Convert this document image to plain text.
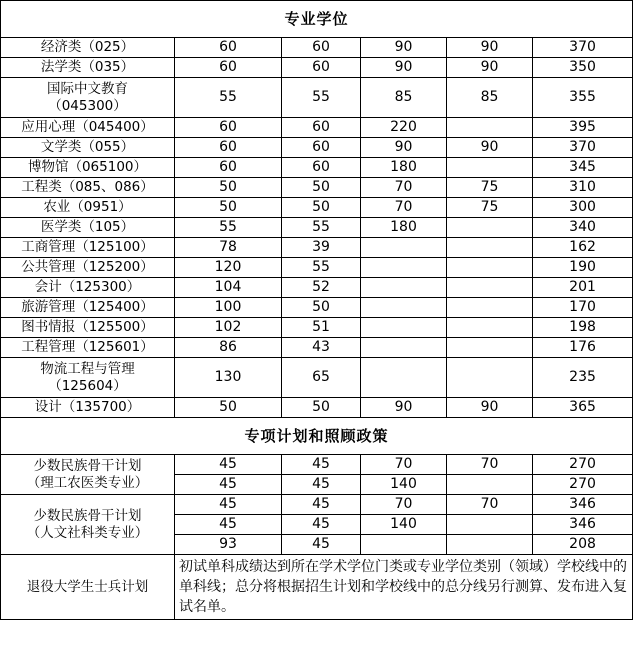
专业学位					
经济类（025）	60	60	90	90	370
法学类（035）	60	60	90	90	350

国际中文教育
（045300）	55	55	85	85	355
应用心理（045400）	60	60	220		395
文学类（055）	60	60	90	90	370
博物馆（065100）	60	60	180		345
工程类（085、086）	50	50	70	75	310
农业（0951）	50	50	70	75	300
医学类（105）	55	55	180		340
工商管理（125100）	78	39			162
公共管理（125200）	120	55			190
会计（125300）	104	52			201
旅游管理（125400）	100	50			170
图书情报（125500）	102	51			198
工程管理（125601）	86	43			176

物流工程与管理
（125604）	130	65			235
设计（135700）	50	50	90	90	365
专项计划和照顾政策					

少数民族骨干计划
（理工农医类专业）	45	45	70	70	270
	45	45	140		270

少数民族骨干计划
（人文社科类专业）	45	45	70	70	346
	45	45	140		346
	93	45			208
退役大学生士兵计划	初试单科成绩达到所在学术学位门类或专业学位类别（领域）学校线中的单科线；总分将根据招生计划和学校线中的总分线另行测算、发布进入复试名单。				
